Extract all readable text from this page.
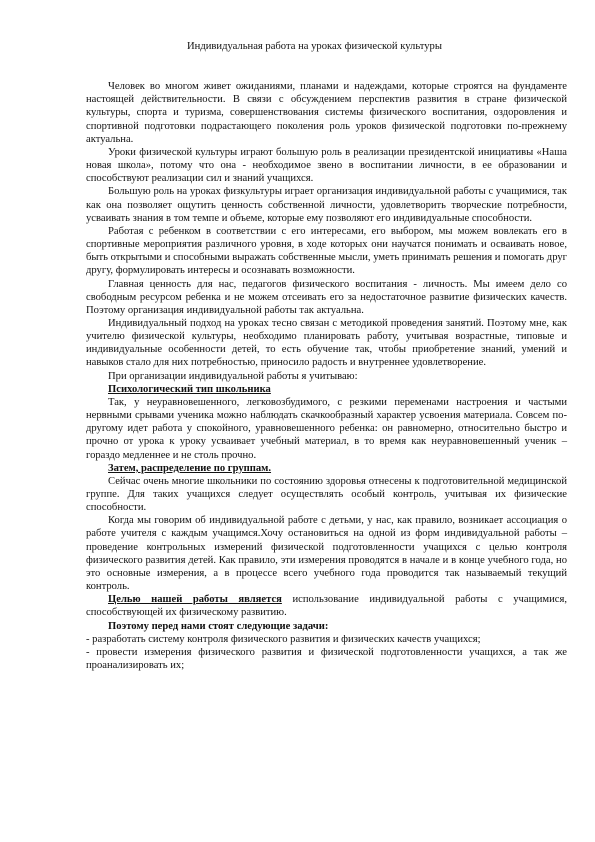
Индивидуальная работа на уроках физической культуры

Человек во многом живет ожиданиями, планами и надеждами, которые строятся на фундаменте настоящей действительности. В связи с обсуждением перспектив развития в стране физической культуры, спорта и туризма, совершенствования системы физического воспитания, оздоровления и спортивной подготовки подрастающего поколения роль уроков физической подготовки по-прежнему актуальна.

Уроки физической культуры играют большую роль в реализации президентской инициативы «Наша новая школа», потому что она - необходимое звено в воспитании личности, в ее образовании и способствуют реализации сил и знаний учащихся.

Большую роль на уроках физкультуры играет организация индивидуальной работы с учащимися, так как она позволяет ощутить ценность собственной личности, удовлетворить творческие потребности, усваивать знания в том темпе и объеме, которые ему позволяют его индивидуальные способности.

Работая с ребенком в соответствии с его интересами, его выбором, мы можем вовлекать его в спортивные мероприятия различного уровня, в ходе которых они научатся понимать и осваивать новое, быть открытыми и способными выражать собственные мысли, уметь принимать решения и помогать друг другу, формулировать интересы и осознавать возможности.

Главная ценность для нас, педагогов физического воспитания - личность. Мы имеем дело со свободным ресурсом ребенка и не можем отсеивать его за недостаточное развитие физических качеств. Поэтому организация индивидуальной работы так актуальна.

Индивидуальный подход на уроках тесно связан с методикой проведения занятий. Поэтому мне, как учителю физической культуры, необходимо планировать работу, учитывая возрастные, типовые и индивидуальные особенности детей, то есть обучение так, чтобы приобретение знаний, умений и навыков стало для них потребностью, приносило радость и внутреннее удовлетворение.

При организации индивидуальной работы я учитываю:

Психологический тип школьника

Так, у неуравновешенного, легковозбудимого, с резкими переменами настроения и частыми нервными срывами ученика можно наблюдать скачкообразный характер усвоения материала. Совсем по-другому идет работа у спокойного, уравновешенного ребенка: он равномерно, относительно быстро и прочно от урока к уроку усваивает учебный материал, в то время как неуравновешенный ученик – гораздо медленнее и не столь прочно.

Затем, распределение по группам.

Сейчас очень многие школьники по состоянию здоровья отнесены к подготовительной медицинской группе. Для таких учащихся следует осуществлять особый контроль, учитывая их физические способности.

Когда мы говорим об индивидуальной работе с детьми, у нас, как правило, возникает ассоциация о работе учителя с каждым учащимся.Хочу остановиться на одной из форм индивидуальной работы – проведение контрольных измерений физической подготовленности учащихся с целью контроля физического развития детей. Как правило, эти измерения проводятся в начале и в конце учебного года, но это основные измерения, а в процессе всего учебного года проводится так называемый текущий контроль.

Целью нашей работы является использование индивидуальной работы с учащимися, способствующей их физическому развитию.

Поэтому перед нами стоят следующие задачи:

- разработать систему контроля физического развития и физических качеств учащихся;

- провести измерения физического развития и физической подготовленности учащихся, а так же проанализировать их;
